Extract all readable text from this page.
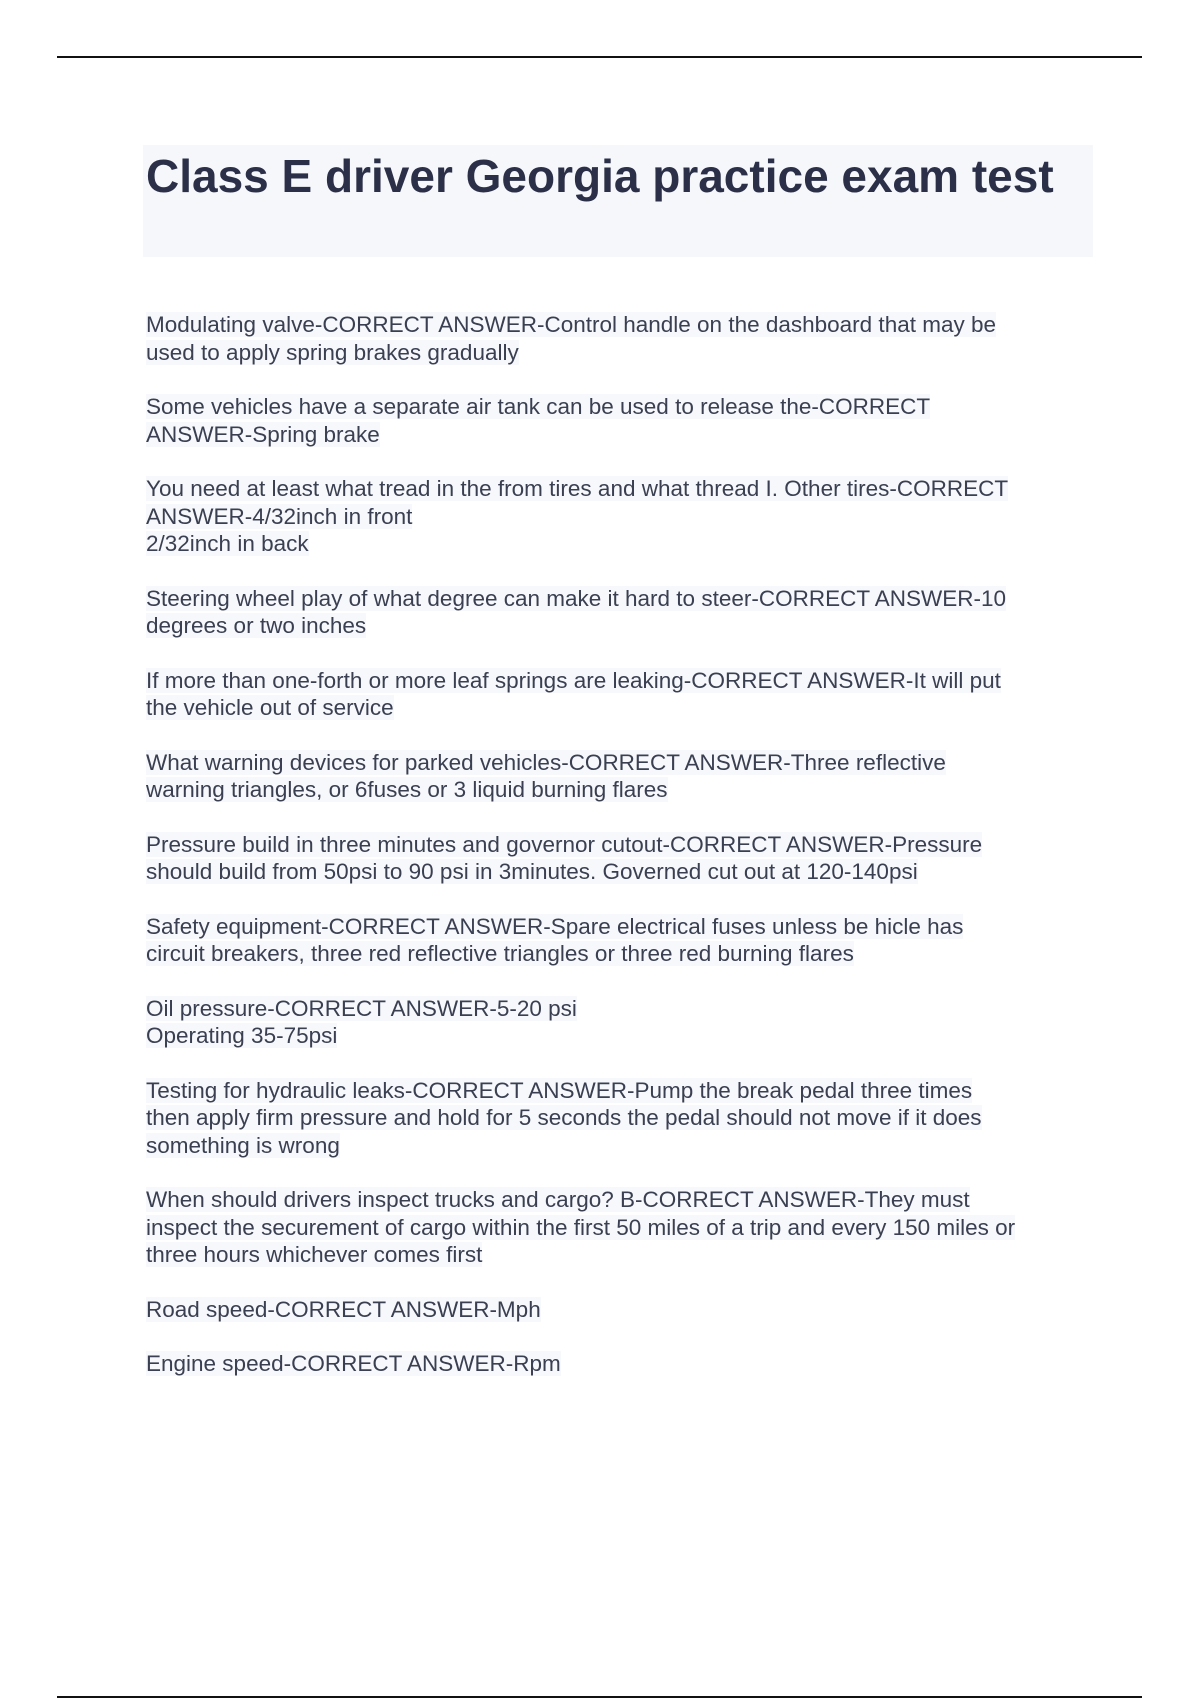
Class E driver Georgia practice exam test
Modulating valve-CORRECT ANSWER-Control handle on the dashboard that may be
used to apply spring brakes gradually
Some vehicles have a separate air tank can be used to release the-CORRECT
ANSWER-Spring brake
You need at least what tread in the from tires and what thread I. Other tires-CORRECT
ANSWER-4/32inch in front
2/32inch in back
Steering wheel play of what degree can make it hard to steer-CORRECT ANSWER-10
degrees or two inches
If more than one-forth or more leaf springs are leaking-CORRECT ANSWER-It will put
the vehicle out of service
What warning devices for parked vehicles-CORRECT ANSWER-Three reflective
warning triangles, or 6fuses or 3 liquid burning flares
Pressure build in three minutes and governor cutout-CORRECT ANSWER-Pressure
should build from 50psi to 90 psi in 3minutes. Governed cut out at 120-140psi
Safety equipment-CORRECT ANSWER-Spare electrical fuses unless be hicle has
circuit breakers, three red reflective triangles or three red burning flares
Oil pressure-CORRECT ANSWER-5-20 psi
Operating 35-75psi
Testing for hydraulic leaks-CORRECT ANSWER-Pump the break pedal three times
then apply firm pressure and hold for 5 seconds the pedal should not move if it does
something is wrong
When should drivers inspect trucks and cargo? B-CORRECT ANSWER-They must
inspect the securement of cargo within the first 50 miles of a trip and every 150 miles or
three hours whichever comes first
Road speed-CORRECT ANSWER-Mph
Engine speed-CORRECT ANSWER-Rpm
